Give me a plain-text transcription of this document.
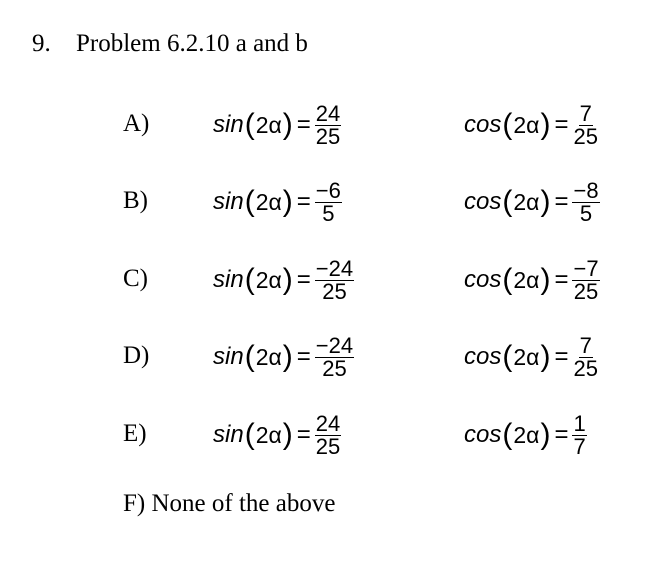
9. Problem 6.2.10 a and b
A)	sin ( 2α ) = $\frac{24}{25}$	cos ( 2α ) = $\frac{7}{25}$
B)	sin ( 2α ) = $\frac{-6}{5}$	cos ( 2α ) = $\frac{-8}{5}$
C)	sin ( 2α ) = $\frac{-24}{25}$	cos ( 2α ) = $\frac{-7}{25}$
D)	sin ( 2α ) = $\frac{-24}{25}$	cos ( 2α ) = $\frac{7}{25}$
E)	sin ( 2α ) = $\frac{24}{25}$	cos ( 2α ) = $\frac{1}{7}$
F) None of the above
